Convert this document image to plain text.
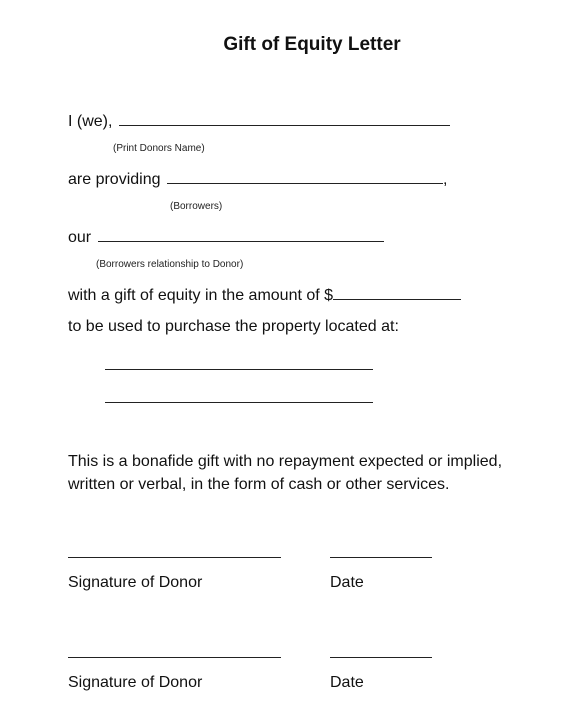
Gift of Equity Letter
I (we),
(Print Donors Name)
are providing	,
(Borrowers)
our
(Borrowers relationship to Donor)
with a gift of equity in the amount of $
to be used to purchase the property located at:
This is a bonafide gift with no repayment expected or implied,
written or verbal, in the form of cash or other services.
Signature of Donor	Date
Signature of Donor	Date
